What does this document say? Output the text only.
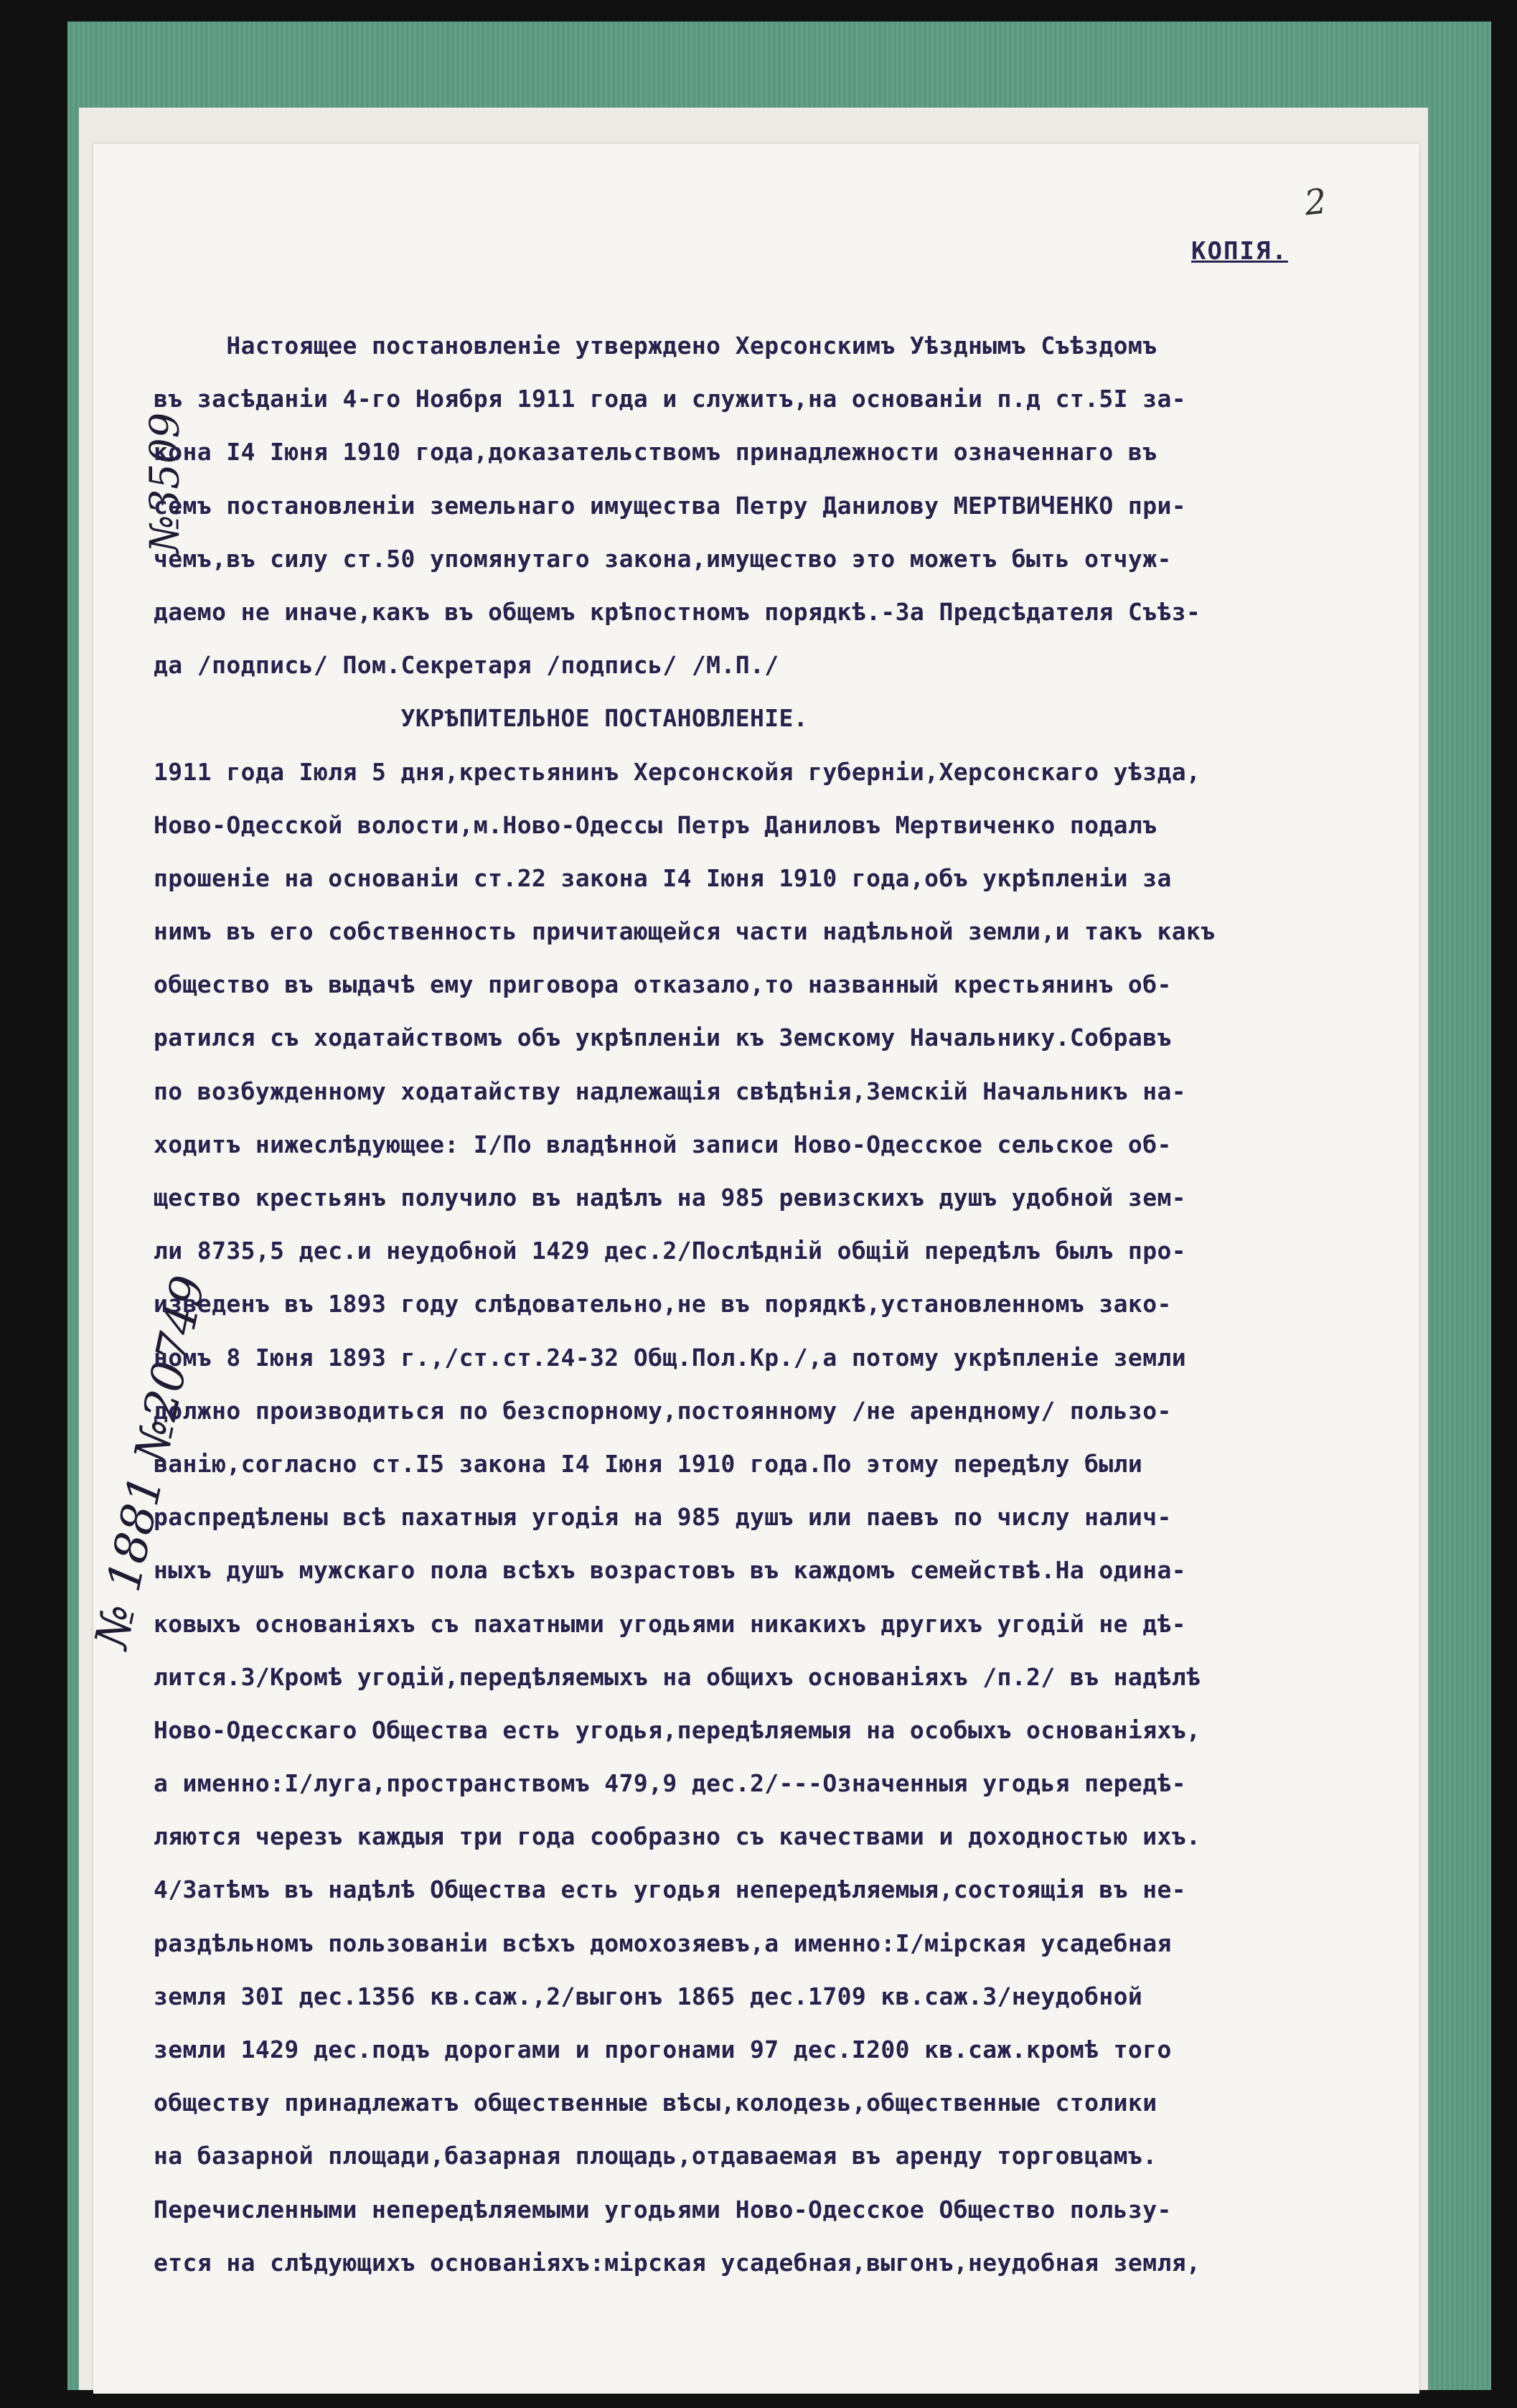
2
КОПІЯ.
№3509
№ 1881 №20749
Настоящее постановленіе утверждено Херсонскимъ Уѣзднымъ Съѣздомъ
въ засѣданіи 4-го Ноября 1911 года и служитъ,на основаніи п.д ст.5I за-
кона I4 Іюня 1910 года,доказательствомъ принадлежности означеннаго въ
семъ постановленіи земельнаго имущества Петру Данилову МЕРТВИЧЕНКО при-
чемъ,въ силу ст.50 упомянутаго закона,имущество это можетъ быть отчуж-
даемо не иначе,какъ въ общемъ крѣпостномъ порядкѣ.-За Предсѣдателя Съѣз-
да /подпись/ Пом.Секретаря /подпись/ /М.П./
УКРѢПИТЕЛЬНОЕ ПОСТАНОВЛЕНІЕ.
1911 года Іюля 5 дня,крестьянинъ Херсонскойя губерніи,Херсонскаго уѣзда,
Ново-Одесской волости,м.Ново-Одессы Петръ Даниловъ Мертвиченко подалъ
прошеніе на основаніи ст.22 закона I4 Іюня 1910 года,объ укрѣпленіи за
нимъ въ его собственность причитающейся части надѣльной земли,и такъ какъ
общество въ выдачѣ ему приговора отказало,то названный крестьянинъ об-
ратился съ ходатайствомъ объ укрѣпленіи къ Земскому Начальнику.Собравъ
по возбужденному ходатайству надлежащія свѣдѣнія,Земскій Начальникъ на-
ходитъ нижеслѣдующее: I/По владѣнной записи Ново-Одесское сельское об-
щество крестьянъ получило въ надѣлъ на 985 ревизскихъ душъ удобной зем-
ли 8735,5 дес.и неудобной 1429 дес.2/Послѣдній общій передѣлъ былъ про-
изведенъ въ 1893 году слѣдовательно,не въ порядкѣ,установленномъ зако-
номъ 8 Іюня 1893 г.,/ст.ст.24-32 Общ.Пол.Кр./,а потому укрѣпленіе земли
должно производиться по безспорному,постоянному /не арендному/ пользо-
ванію,согласно ст.I5 закона I4 Іюня 1910 года.По этому передѣлу были
распредѣлены всѣ пахатныя угодія на 985 душъ или паевъ по числу налич-
ныхъ душъ мужскаго пола всѣхъ возрастовъ въ каждомъ семействѣ.На одина-
ковыхъ основаніяхъ съ пахатными угодьями никакихъ другихъ угодій не дѣ-
лится.3/Кромѣ угодій,передѣляемыхъ на общихъ основаніяхъ /п.2/ въ надѣлѣ
Ново-Одесскаго Общества есть угодья,передѣляемыя на особыхъ основаніяхъ,
а именно:I/луга,пространствомъ 479,9 дес.2/---Означенныя угодья передѣ-
ляются черезъ каждыя три года сообразно съ качествами и доходностью ихъ.
4/Затѣмъ въ надѣлѣ Общества есть угодья непередѣляемыя,состоящія въ не-
раздѣльномъ пользованіи всѣхъ домохозяевъ,а именно:I/мірская усадебная
земля 30I дес.1356 кв.саж.,2/выгонъ 1865 дес.1709 кв.саж.3/неудобной
земли 1429 дес.подъ дорогами и прогонами 97 дес.I200 кв.саж.кромѣ того
обществу принадлежатъ общественные вѣсы,колодезь,общественные столики
на базарной площади,базарная площадь,отдаваемая въ аренду торговцамъ.
Перечисленными непередѣляемыми угодьями Ново-Одесское Общество пользу-
ется на слѣдующихъ основаніяхъ:мірская усадебная,выгонъ,неудобная земля,
